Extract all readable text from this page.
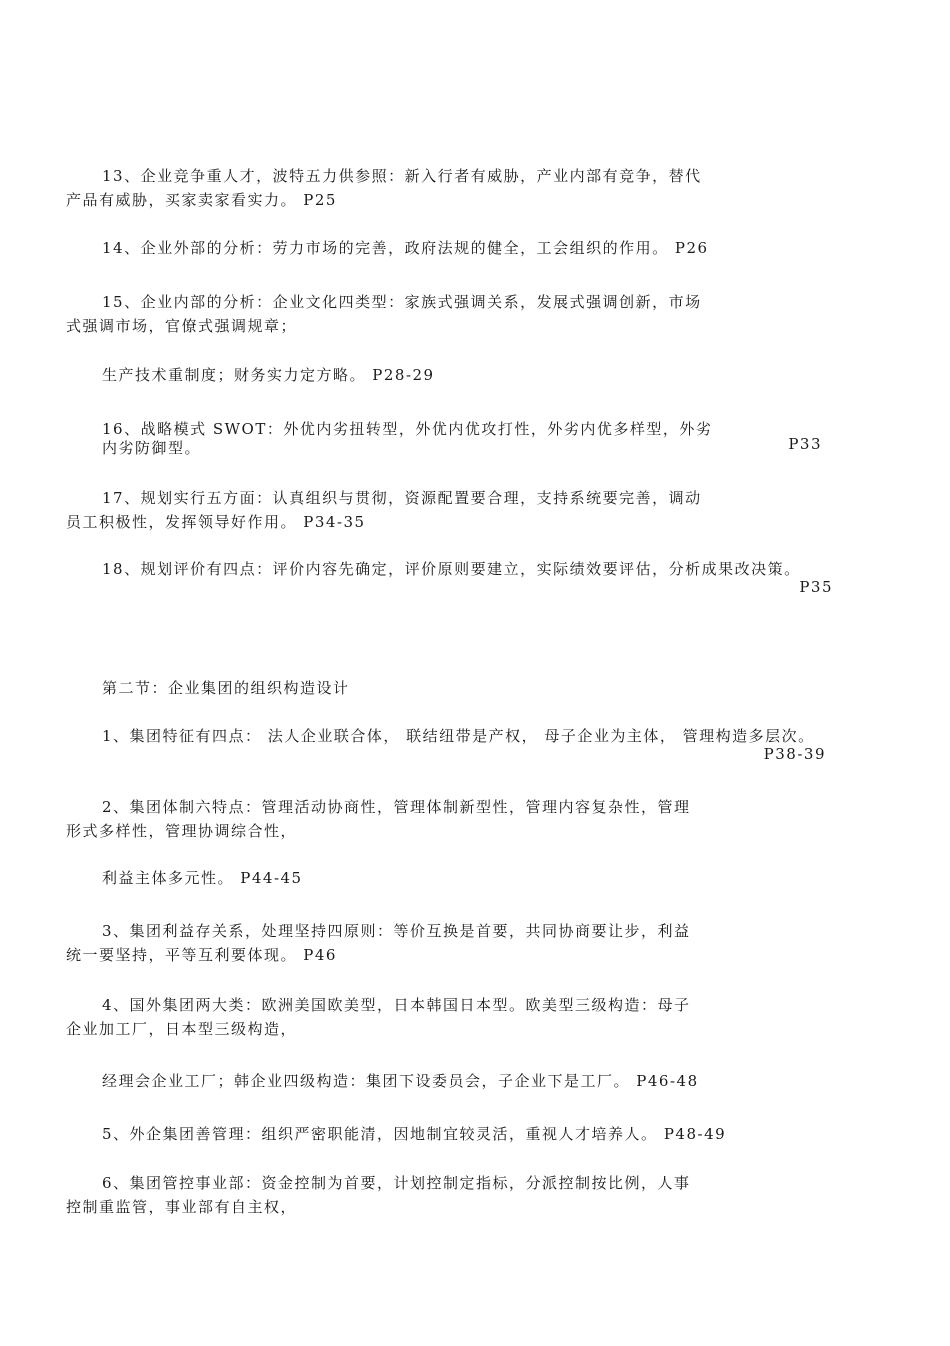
13、企业竞争重人才，波特五力供参照：新入行者有威胁，产业内部有竞争，替代
产品有威胁，买家卖家看实力。 P25
14、企业外部的分析：劳力市场的完善，政府法规的健全，工会组织的作用。 P26
15、企业内部的分析：企业文化四类型：家族式强调关系，发展式强调创新，市场
式强调市场，官僚式强调规章；
生产技术重制度；财务实力定方略。 P28-29
16、战略模式 SWOT：外优内劣扭转型，外优内优攻打性，外劣内优多样型，外劣
内劣防御型。	P33
17、规划实行五方面：认真组织与贯彻，资源配置要合理，支持系统要完善，调动
员工积极性，发挥领导好作用。 P34-35
18、规划评价有四点：评价内容先确定，评价原则要建立，实际绩效要评估，分析成果改决策。
P35
第二节：企业集团的组织构造设计
1、集团特征有四点： 法人企业联合体， 联结纽带是产权， 母子企业为主体， 管理构造多层次。
P38-39
2、集团体制六特点：管理活动协商性，管理体制新型性，管理内容复杂性，管理
形式多样性，管理协调综合性，
利益主体多元性。 P44-45
3、集团利益存关系，处理坚持四原则：等价互换是首要，共同协商要让步，利益
统一要坚持，平等互利要体现。 P46
4、国外集团两大类：欧洲美国欧美型，日本韩国日本型。欧美型三级构造：母子
企业加工厂，日本型三级构造，
经理会企业工厂；韩企业四级构造：集团下设委员会，子企业下是工厂。 P46-48
5、外企集团善管理：组织严密职能清，因地制宜较灵活，重视人才培养人。 P48-49
6、集团管控事业部：资金控制为首要，计划控制定指标，分派控制按比例，人事
控制重监管，事业部有自主权，
